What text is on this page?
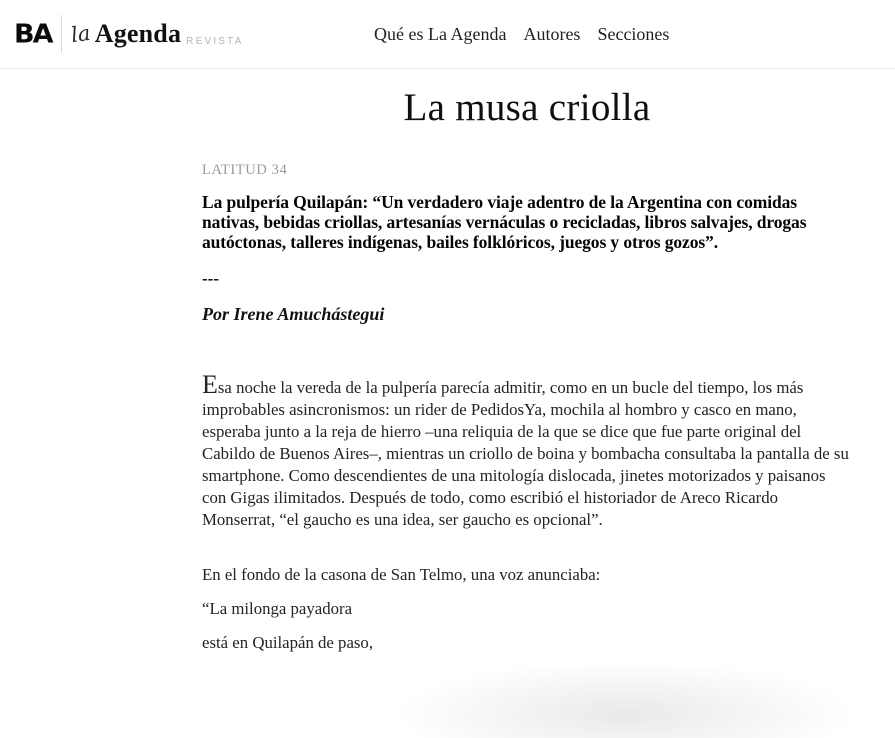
BA la Agenda REVISTA	Qué es La Agenda Autores Secciones
La musa criolla
LATITUD 34

La pulpería Quilapán: “Un verdadero viaje adentro de la Argentina con comidas nativas, bebidas criollas, artesanías vernáculas o recicladas, libros salvajes, drogas autóctonas, talleres indígenas, bailes folklóricos, juegos y otros gozos”.

---

Por Irene Amuchástegui

Esa noche la vereda de la pulpería parecía admitir, como en un bucle del tiempo, los más improbables asincronismos: un rider de PedidosYa, mochila al hombro y casco en mano, esperaba junto a la reja de hierro –una reliquia de la que se dice que fue parte original del Cabildo de Buenos Aires–, mientras un criollo de boina y bombacha consultaba la pantalla de su smartphone. Como descendientes de una mitología dislocada, jinetes motorizados y paisanos con Gigas ilimitados. Después de todo, como escribió el historiador de Areco Ricardo Monserrat, “el gaucho es una idea, ser gaucho es opcional”.

En el fondo de la casona de San Telmo, una voz anunciaba:

“La milonga payadora

está en Quilapán de paso,
